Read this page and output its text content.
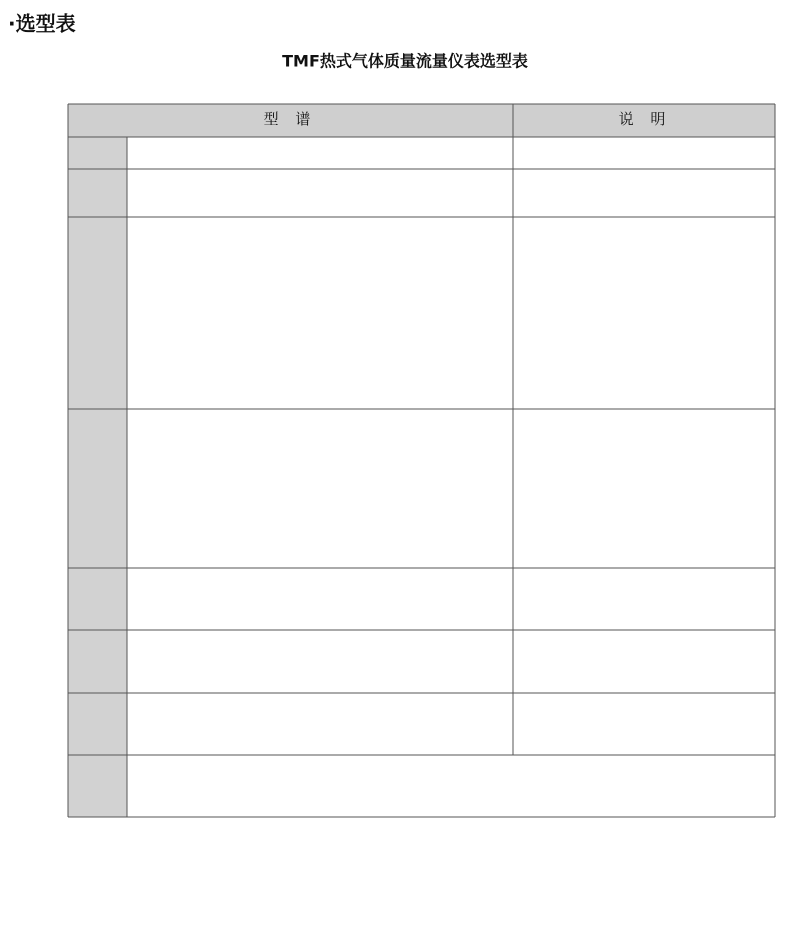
·选型表
TMF热式气体质量流量仪表选型表
型 谱	说 明
